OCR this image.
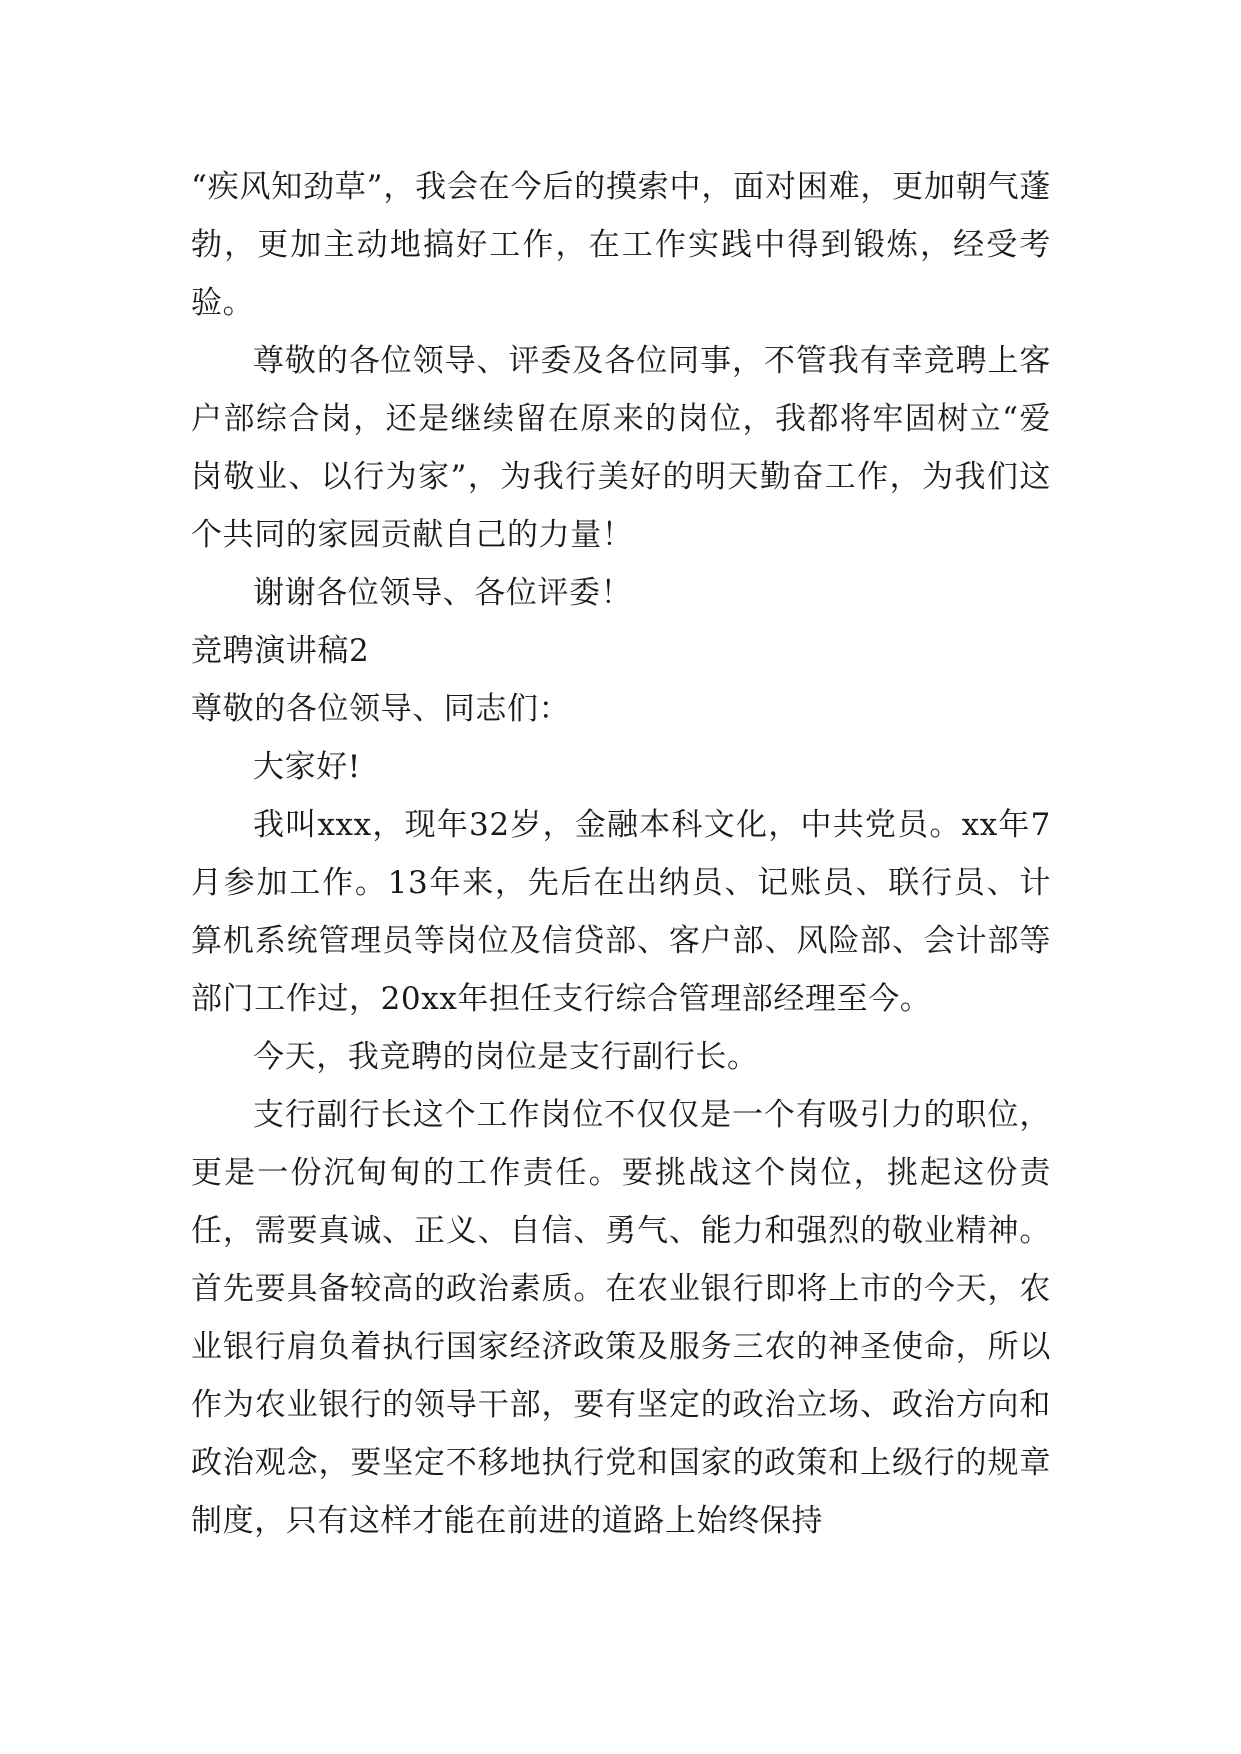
“疾风知劲草”，我会在今后的摸索中，面对困难，更加朝气蓬勃，更加主动地搞好工作，在工作实践中得到锻炼，经受考验。

尊敬的各位领导、评委及各位同事，不管我有幸竞聘上客户部综合岗，还是继续留在原来的岗位，我都将牢固树立“爱岗敬业、以行为家”，为我行美好的明天勤奋工作，为我们这个共同的家园贡献自己的力量！

谢谢各位领导、各位评委！

竞聘演讲稿2

尊敬的各位领导、同志们：

大家好!

我叫xxx，现年32岁，金融本科文化，中共党员。xx年7月参加工作。13年来，先后在出纳员、记账员、联行员、计算机系统管理员等岗位及信贷部、客户部、风险部、会计部等部门工作过，20xx年担任支行综合管理部经理至今。

今天，我竞聘的岗位是支行副行长。

支行副行长这个工作岗位不仅仅是一个有吸引力的职位，更是一份沉甸甸的工作责任。要挑战这个岗位，挑起这份责任，需要真诚、正义、自信、勇气、能力和强烈的敬业精神。首先要具备较高的政治素质。在农业银行即将上市的今天，农业银行肩负着执行国家经济政策及服务三农的神圣使命，所以作为农业银行的领导干部，要有坚定的政治立场、政治方向和政治观念，要坚定不移地执行党和国家的政策和上级行的规章制度，只有这样才能在前进的道路上始终保持
